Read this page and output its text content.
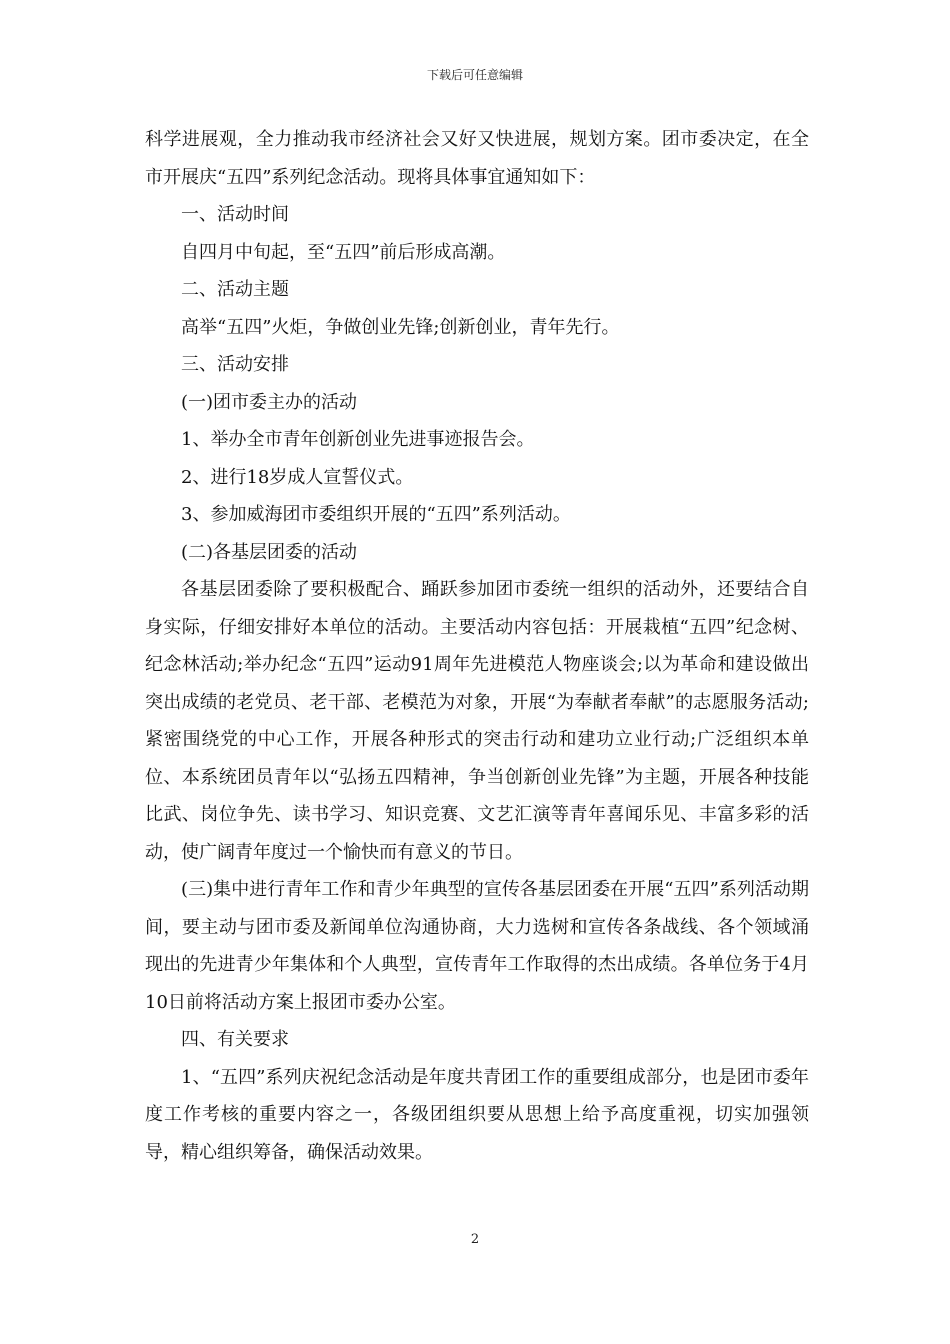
下载后可任意编辑

科学进展观，全力推动我市经济社会又好又快进展，规划方案。团市委决定，在全市开展庆“五四”系列纪念活动。现将具体事宜通知如下：

一、活动时间

自四月中旬起，至“五四”前后形成高潮。

二、活动主题

高举“五四”火炬，争做创业先锋;创新创业，青年先行。

三、活动安排

(一)团市委主办的活动

1、举办全市青年创新创业先进事迹报告会。

2、进行18岁成人宣誓仪式。

3、参加威海团市委组织开展的“五四”系列活动。

(二)各基层团委的活动

各基层团委除了要积极配合、踊跃参加团市委统一组织的活动外，还要结合自身实际，仔细安排好本单位的活动。主要活动内容包括：开展栽植“五四”纪念树、纪念林活动;举办纪念“五四”运动91周年先进模范人物座谈会;以为革命和建设做出突出成绩的老党员、老干部、老模范为对象，开展“为奉献者奉献”的志愿服务活动;紧密围绕党的中心工作，开展各种形式的突击行动和建功立业行动;广泛组织本单位、本系统团员青年以“弘扬五四精神，争当创新创业先锋”为主题，开展各种技能比武、岗位争先、读书学习、知识竞赛、文艺汇演等青年喜闻乐见、丰富多彩的活动，使广阔青年度过一个愉快而有意义的节日。

(三)集中进行青年工作和青少年典型的宣传各基层团委在开展“五四”系列活动期间，要主动与团市委及新闻单位沟通协商，大力选树和宣传各条战线、各个领域涌现出的先进青少年集体和个人典型，宣传青年工作取得的杰出成绩。各单位务于4月10日前将活动方案上报团市委办公室。

四、有关要求

1、“五四”系列庆祝纪念活动是年度共青团工作的重要组成部分，也是团市委年度工作考核的重要内容之一，各级团组织要从思想上给予高度重视，切实加强领导，精心组织筹备，确保活动效果。

2
